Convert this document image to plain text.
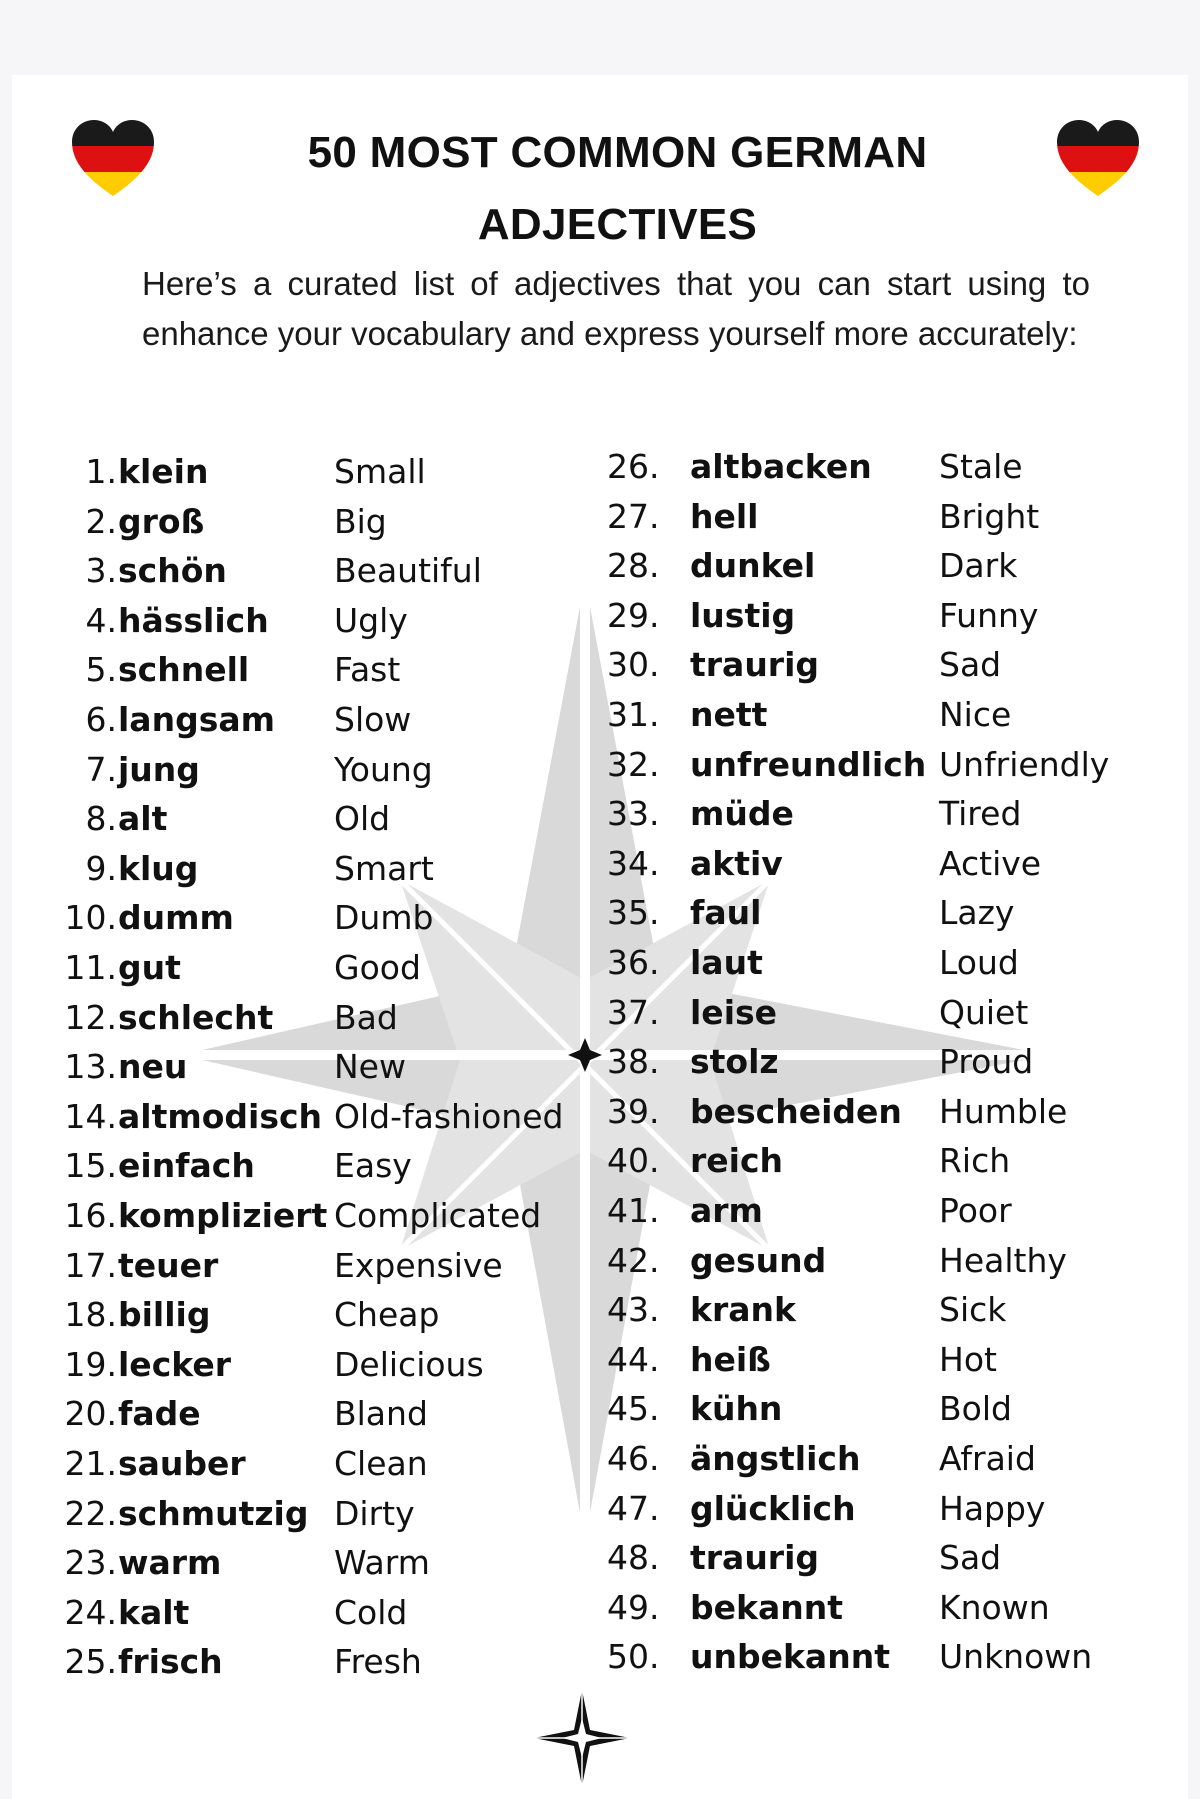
50 MOST COMMON GERMAN
ADJECTIVES
Here’s a curated list of adjectives that you can start using to enhance your vocabulary and express yourself more accurately:
1. klein	Small
2. groß	Big
3. schön	Beautiful
4. hässlich Ugly
5. schnell	Fast
6. langsam Slow
7. jung	Young
8. alt	Old
9. klug	Smart
10. dumm	Dumb
11. gut	Good
12. schlecht Bad
13. neu	New
14. altmodisch Old-fashioned
15. einfach Easy
16. kompliziert Complicated
17. teuer	Expensive
18. billig	Cheap
19. lecker	Delicious
20. fade	Bland
21. sauber	Clean
22. schmutzig Dirty
23. warm	Warm
24. kalt	Cold
25. frisch	Fresh
26. altbacken Stale
27. hell	Bright
28. dunkel	Dark
29. lustig	Funny
30. traurig	Sad
31. nett	Nice
32. unfreundlich Unfriendly
33. müde	Tired
34. aktiv	Active
35. faul	Lazy
36. laut	Loud
37. leise	Quiet
38. stolz	Proud
39. bescheiden Humble
40. reich	Rich
41. arm	Poor
42. gesund	Healthy
43. krank	Sick
44. heiß	Hot
45. kühn	Bold
46. ängstlich Afraid
47. glücklich	Happy
48. traurig	Sad
49. bekannt	Known
50. unbekannt Unknown
